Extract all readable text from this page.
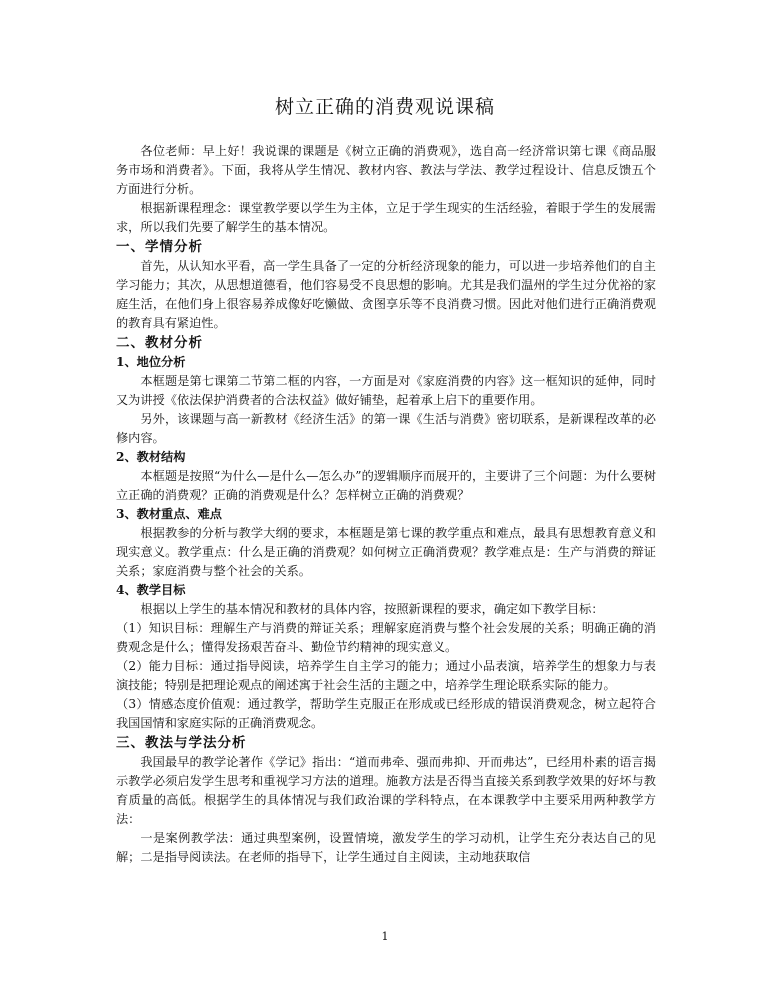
树立正确的消费观说课稿

各位老师：早上好！我说课的课题是《树立正确的消费观》，选自高一经济常识第七课《商品服务市场和消费者》。下面，我将从学生情况、教材内容、教法与学法、教学过程设计、信息反馈五个方面进行分析。

根据新课程理念：课堂教学要以学生为主体，立足于学生现实的生活经验，着眼于学生的发展需求，所以我们先要了解学生的基本情况。

一、学情分析

首先，从认知水平看，高一学生具备了一定的分析经济现象的能力，可以进一步培养他们的自主学习能力；其次，从思想道德看，他们容易受不良思想的影响。尤其是我们温州的学生过分优裕的家庭生活，在他们身上很容易养成像好吃懒做、贪图享乐等不良消费习惯。因此对他们进行正确消费观的教育具有紧迫性。

二、教材分析
1、地位分析

本框题是第七课第二节第二框的内容，一方面是对《家庭消费的内容》这一框知识的延伸，同时又为讲授《依法保护消费者的合法权益》做好铺垫，起着承上启下的重要作用。

另外，该课题与高一新教材《经济生活》的第一课《生活与消费》密切联系，是新课程改革的必修内容。

2、教材结构

本框题是按照“为什么—是什么—怎么办”的逻辑顺序而展开的，主要讲了三个问题：为什么要树立正确的消费观？正确的消费观是什么？怎样树立正确的消费观？

3、教材重点、难点

根据教参的分析与教学大纲的要求，本框题是第七课的教学重点和难点，最具有思想教育意义和现实意义。教学重点：什么是正确的消费观？如何树立正确消费观？教学难点是：生产与消费的辩证关系；家庭消费与整个社会的关系。

4、教学目标

根据以上学生的基本情况和教材的具体内容，按照新课程的要求，确定如下教学目标：

（1）知识目标：理解生产与消费的辩证关系；理解家庭消费与整个社会发展的关系；明确正确的消费观念是什么；懂得发扬艰苦奋斗、勤俭节约精神的现实意义。

（2）能力目标：通过指导阅读，培养学生自主学习的能力；通过小品表演，培养学生的想象力与表演技能；特别是把理论观点的阐述寓于社会生活的主题之中，培养学生理论联系实际的能力。

（3）情感态度价值观：通过教学，帮助学生克服正在形成或已经形成的错误消费观念，树立起符合我国国情和家庭实际的正确消费观念。

三、教法与学法分析

我国最早的教学论著作《学记》指出：“道而弗牵、强而弗抑、开而弗达”，已经用朴素的语言揭示教学必须启发学生思考和重视学习方法的道理。施教方法是否得当直接关系到教学效果的好坏与教育质量的高低。根据学生的具体情况与我们政治课的学科特点，在本课教学中主要采用两种教学方法：

一是案例教学法：通过典型案例，设置情境，激发学生的学习动机，让学生充分表达自己的见解；二是指导阅读法。在老师的指导下，让学生通过自主阅读，主动地获取信

1
